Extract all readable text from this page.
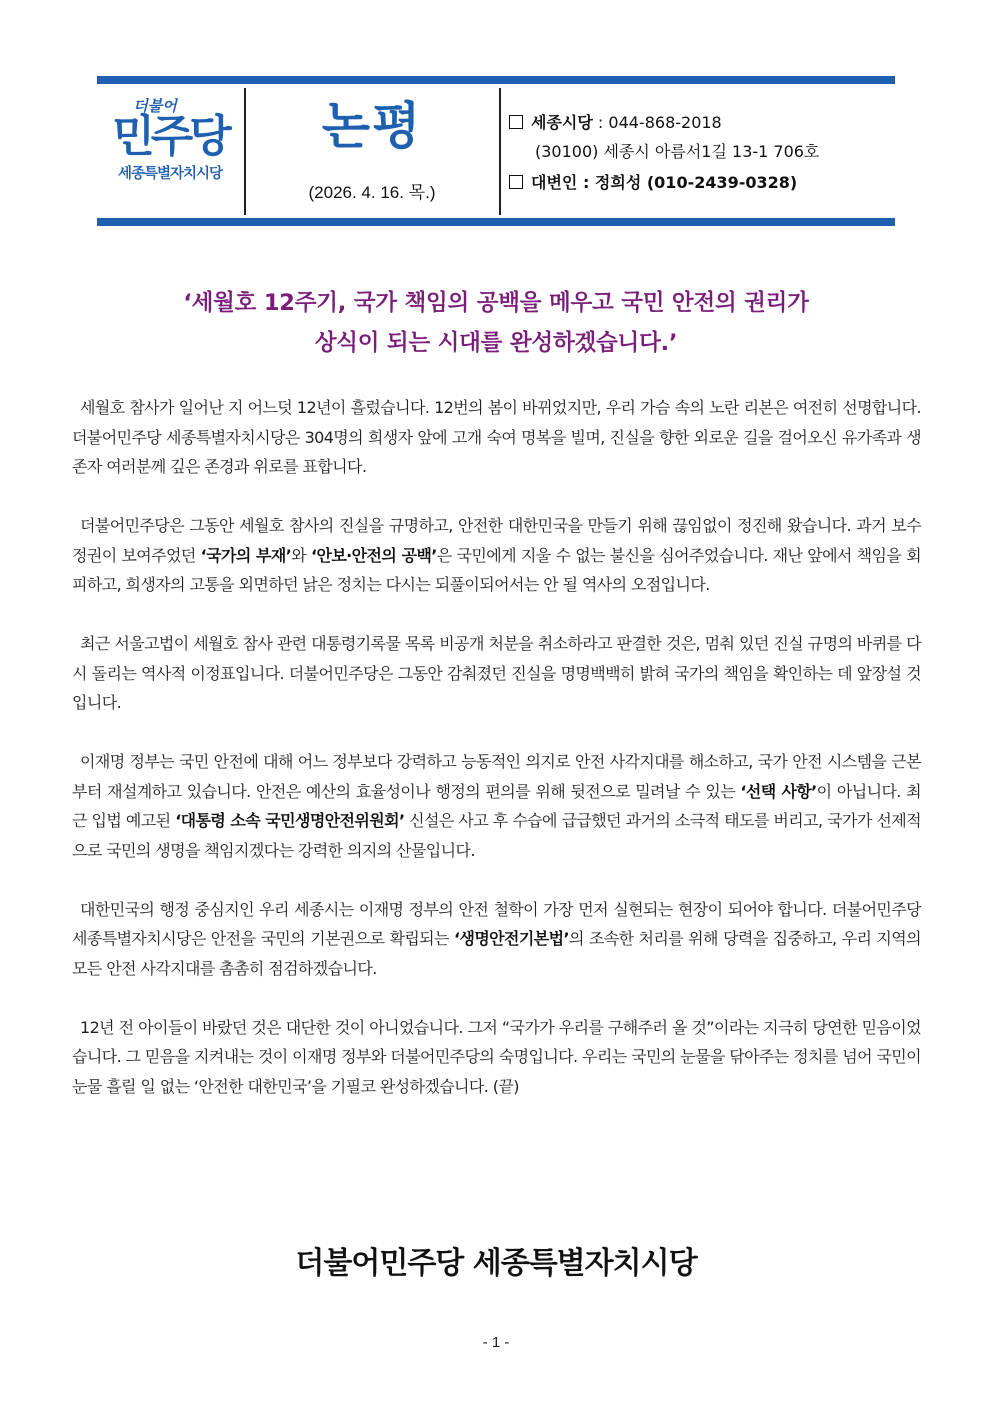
더불어
민주당
세종특별자치시당
논평
(2026. 4. 16. 목.)
세종시당 : 044-868-2018
(30100) 세종시 아름서1길 13-1 706호
대변인 : 정희성 (010-2439-0328)
‘세월호 12주기, 국가 책임의 공백을 메우고 국민 안전의 권리가
상식이 되는 시대를 완성하겠습니다.’

세월호 참사가 일어난 지 어느덧 12년이 흘렀습니다. 12번의 봄이 바뀌었지만, 우리 가슴 속의 노란 리본은 여전히 선명합니다. 더불어민주당 세종특별자치시당은 304명의 희생자 앞에 고개 숙여 명복을 빌며, 진실을 향한 외로운 길을 걸어오신 유가족과 생존자 여러분께 깊은 존경과 위로를 표합니다.

더불어민주당은 그동안 세월호 참사의 진실을 규명하고, 안전한 대한민국을 만들기 위해 끊임없이 정진해 왔습니다. 과거 보수 정권이 보여주었던 ‘국가의 부재’와 ‘안보·안전의 공백’은 국민에게 지울 수 없는 불신을 심어주었습니다. 재난 앞에서 책임을 회피하고, 희생자의 고통을 외면하던 낡은 정치는 다시는 되풀이되어서는 안 될 역사의 오점입니다.

최근 서울고법이 세월호 참사 관련 대통령기록물 목록 비공개 처분을 취소하라고 판결한 것은, 멈춰 있던 진실 규명의 바퀴를 다시 돌리는 역사적 이정표입니다. 더불어민주당은 그동안 감춰졌던 진실을 명명백백히 밝혀 국가의 책임을 확인하는 데 앞장설 것입니다.

이재명 정부는 국민 안전에 대해 어느 정부보다 강력하고 능동적인 의지로 안전 사각지대를 해소하고, 국가 안전 시스템을 근본부터 재설계하고 있습니다. 안전은 예산의 효율성이나 행정의 편의를 위해 뒷전으로 밀려날 수 있는 ‘선택 사항’이 아닙니다. 최근 입법 예고된 ‘대통령 소속 국민생명안전위원회’ 신설은 사고 후 수습에 급급했던 과거의 소극적 태도를 버리고, 국가가 선제적으로 국민의 생명을 책임지겠다는 강력한 의지의 산물입니다.

대한민국의 행정 중심지인 우리 세종시는 이재명 정부의 안전 철학이 가장 먼저 실현되는 현장이 되어야 합니다. 더불어민주당 세종특별자치시당은 안전을 국민의 기본권으로 확립되는 ‘생명안전기본법’의 조속한 처리를 위해 당력을 집중하고, 우리 지역의 모든 안전 사각지대를 촘촘히 점검하겠습니다.

12년 전 아이들이 바랐던 것은 대단한 것이 아니었습니다. 그저 “국가가 우리를 구해주러 올 것”이라는 지극히 당연한 믿음이었습니다. 그 믿음을 지켜내는 것이 이재명 정부와 더불어민주당의 숙명입니다. 우리는 국민의 눈물을 닦아주는 정치를 넘어 국민이 눈물 흘릴 일 없는 ‘안전한 대한민국’을 기필코 완성하겠습니다. (끝)

더불어민주당 세종특별자치시당
- 1 -
